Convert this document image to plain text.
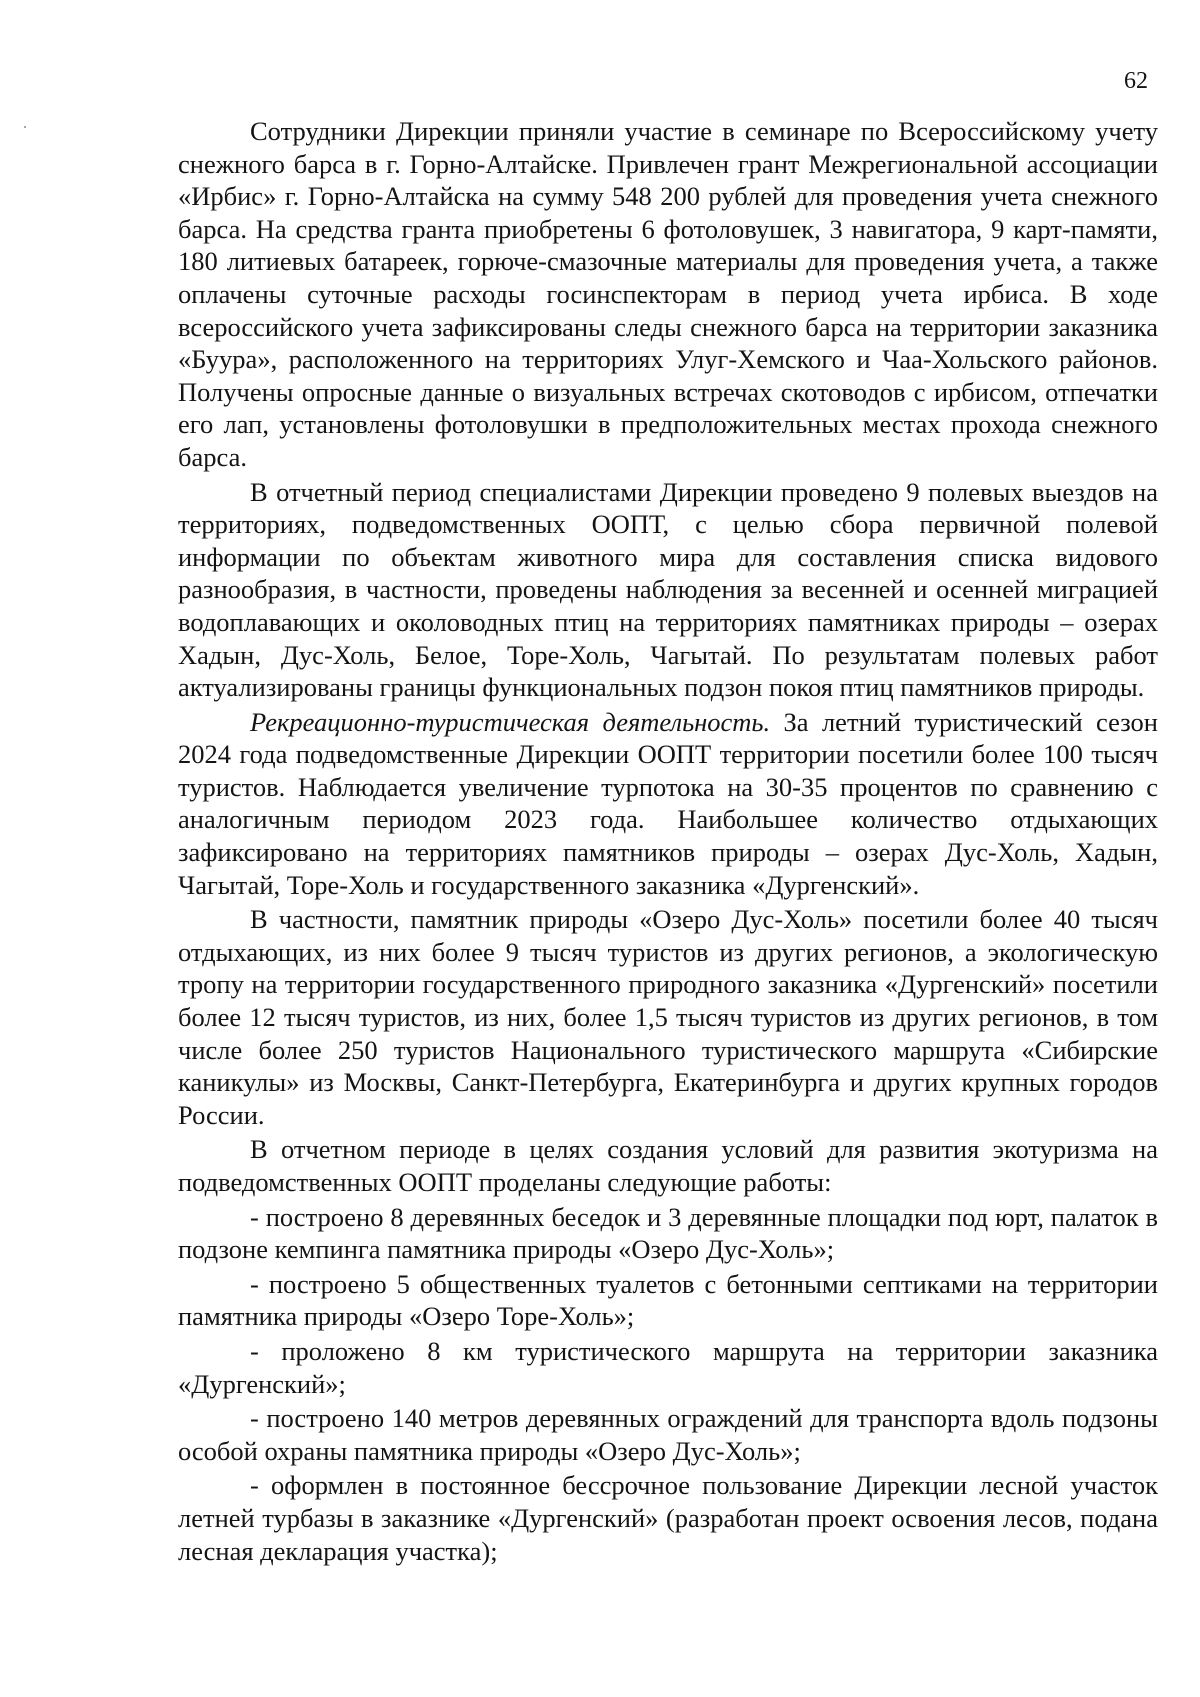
62

Сотрудники Дирекции приняли участие в семинаре по Всероссийскому учету снежного барса в г. Горно-Алтайске. Привлечен грант Межрегиональной ассоциации «Ирбис» г. Горно-Алтайска на сумму 548 200 рублей для проведения учета снежного барса. На средства гранта приобретены 6 фотоловушек, 3 навигатора, 9 карт-памяти, 180 литиевых батареек, горюче-смазочные материалы для проведения учета, а также оплачены суточные расходы госинспекторам в период учета ирбиса. В ходе всероссийского учета зафиксированы следы снежного барса на территории заказника «Буура», расположенного на территориях Улуг-Хемского и Чаа-Хольского районов. Получены опросные данные о визуальных встречах скотоводов с ирбисом, отпечатки его лап, установлены фотоловушки в предположительных местах прохода снежного барса.

В отчетный период специалистами Дирекции проведено 9 полевых выездов на территориях, подведомственных ООПТ, с целью сбора первичной полевой информации по объектам животного мира для составления списка видового разнообразия, в частности, проведены наблюдения за весенней и осенней миграцией водоплавающих и околоводных птиц на территориях памятниках природы – озерах Хадын, Дус-Холь, Белое, Торе-Холь, Чагытай. По результатам полевых работ актуализированы границы функциональных подзон покоя птиц памятников природы.

Рекреационно-туристическая деятельность. За летний туристический сезон 2024 года подведомственные Дирекции ООПТ территории посетили более 100 тысяч туристов. Наблюдается увеличение турпотока на 30-35 процентов по сравнению с аналогичным периодом 2023 года. Наибольшее количество отдыхающих зафиксировано на территориях памятников природы – озерах Дус-Холь, Хадын, Чагытай, Торе-Холь и государственного заказника «Дургенский».

В частности, памятник природы «Озеро Дус-Холь» посетили более 40 тысяч отдыхающих, из них более 9 тысяч туристов из других регионов, а экологическую тропу на территории государственного природного заказника «Дургенский» посетили более 12 тысяч туристов, из них, более 1,5 тысяч туристов из других регионов, в том числе более 250 туристов Национального туристического маршрута «Сибирские каникулы» из Москвы, Санкт-Петербурга, Екатеринбурга и других крупных городов России.

В отчетном периоде в целях создания условий для развития экотуризма на подведомственных ООПТ проделаны следующие работы:

- построено 8 деревянных беседок и 3 деревянные площадки под юрт, палаток в подзоне кемпинга памятника природы «Озеро Дус-Холь»;

- построено 5 общественных туалетов с бетонными септиками на территории памятника природы «Озеро Торе-Холь»;

- проложено 8 км туристического маршрута на территории заказника «Дургенский»;

- построено 140 метров деревянных ограждений для транспорта вдоль подзоны особой охраны памятника природы «Озеро Дус-Холь»;

- оформлен в постоянное бессрочное пользование Дирекции лесной участок летней турбазы в заказнике «Дургенский» (разработан проект освоения лесов, подана лесная декларация участка);
